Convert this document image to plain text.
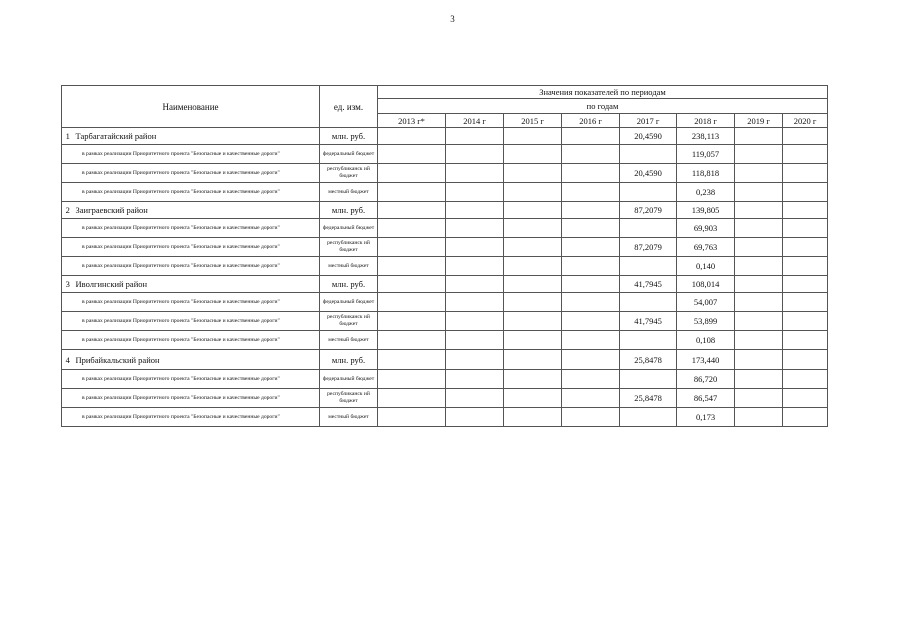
3
Наименование		ед. изм.	Значения показателей по периодам							
			по годам							
			2013 г*	2014 г	2015 г	2016 г	2017 г	2018 г	2019 г	2020 г
1	Тарбагатайский район	млн. руб.					20,4590	238,113		
в рамках реализации Приоритетного проекта "Безопасные и качественные дороги"		федеральный бюджет						119,057		
в рамках реализации Приоритетного проекта "Безопасные и качественные дороги"		республиканск ий бюджет					20,4590	118,818		
в рамках реализации Приоритетного проекта "Безопасные и качественные дороги"		местный бюджет						0,238		
2	Заиграевский район	млн. руб.					87,2079	139,805		
в рамках реализации Приоритетного проекта "Безопасные и качественные дороги"		федеральный бюджет						69,903		
в рамках реализации Приоритетного проекта "Безопасные и качественные дороги"		республиканск ий бюджет					87,2079	69,763		
в рамках реализации Приоритетного проекта "Безопасные и качественные дороги"		местный бюджет						0,140		
3	Иволгинский район	млн. руб.					41,7945	108,014		
в рамках реализации Приоритетного проекта "Безопасные и качественные дороги"		федеральный бюджет						54,007		
в рамках реализации Приоритетного проекта "Безопасные и качественные дороги"		республиканск ий бюджет					41,7945	53,899		
в рамках реализации Приоритетного проекта "Безопасные и качественные дороги"		местный бюджет						0,108		
4	Прибайкальский район	млн. руб.					25,8478	173,440		
в рамках реализации Приоритетного проекта "Безопасные и качественные дороги"		федеральный бюджет						86,720		
в рамках реализации Приоритетного проекта "Безопасные и качественные дороги"		республиканск ий бюджет					25,8478	86,547		
в рамках реализации Приоритетного проекта "Безопасные и качественные дороги"		местный бюджет						0,173		
